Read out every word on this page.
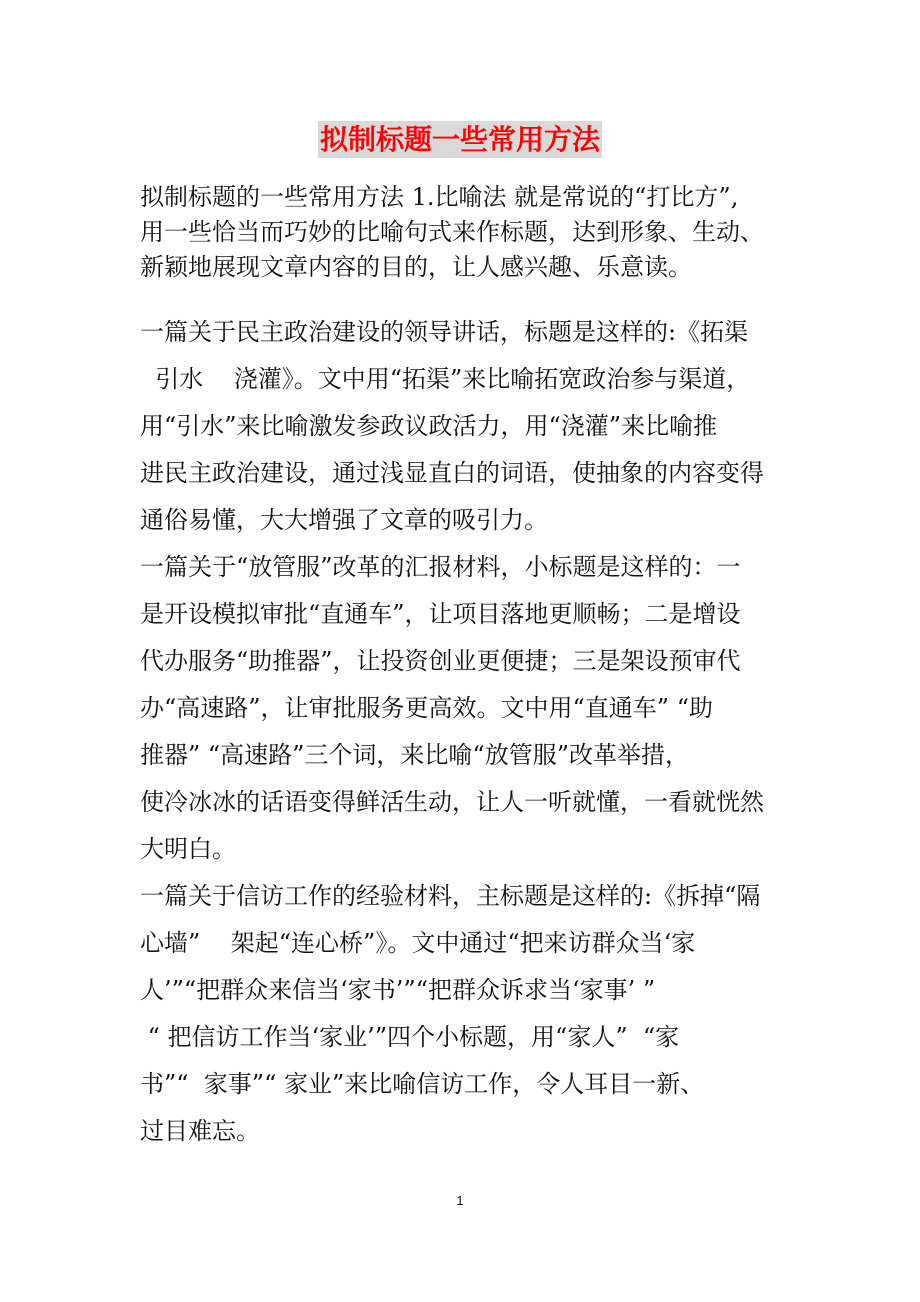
拟制标题一些常用方法
拟制标题的一些常用方法 1.比喻法 就是常说的“打比方”,
用一些恰当而巧妙的比喻句式来作标题，达到形象、生动、
新颖地展现文章内容的目的，让人感兴趣、乐意读。
一篇关于民主政治建设的领导讲话，标题是这样的:《拓渠
引水    浇灌》。文中用“拓渠”来比喻拓宽政治参与渠道，
用“引水”来比喻激发参政议政活力，用“浇灌”来比喻推
进民主政治建设，通过浅显直白的词语，使抽象的内容变得
通俗易懂，大大增强了文章的吸引力。
一篇关于“放管服”改革的汇报材料，小标题是这样的：一
是开设模拟审批“直通车”，让项目落地更顺畅；二是增设
代办服务“助推器”，让投资创业更便捷；三是架设预审代
办“高速路”，让审批服务更高效。文中用“直通车” “助
推器” “高速路”三个词，来比喻“放管服”改革举措，
使冷冰冰的话语变得鲜活生动，让人一听就懂，一看就恍然
大明白。
一篇关于信访工作的经验材料，主标题是这样的:《拆掉“隔
心墙”    架起“连心桥”》。文中通过“把来访群众当‘家
人’”“把群众来信当‘家书’”“把群众诉求当‘家事’ ”
“ 把信访工作当‘家业’”四个小标题，用“家人”  “家
书”“  家事”“ 家业”来比喻信访工作，令人耳目一新、
过目难忘。
1
